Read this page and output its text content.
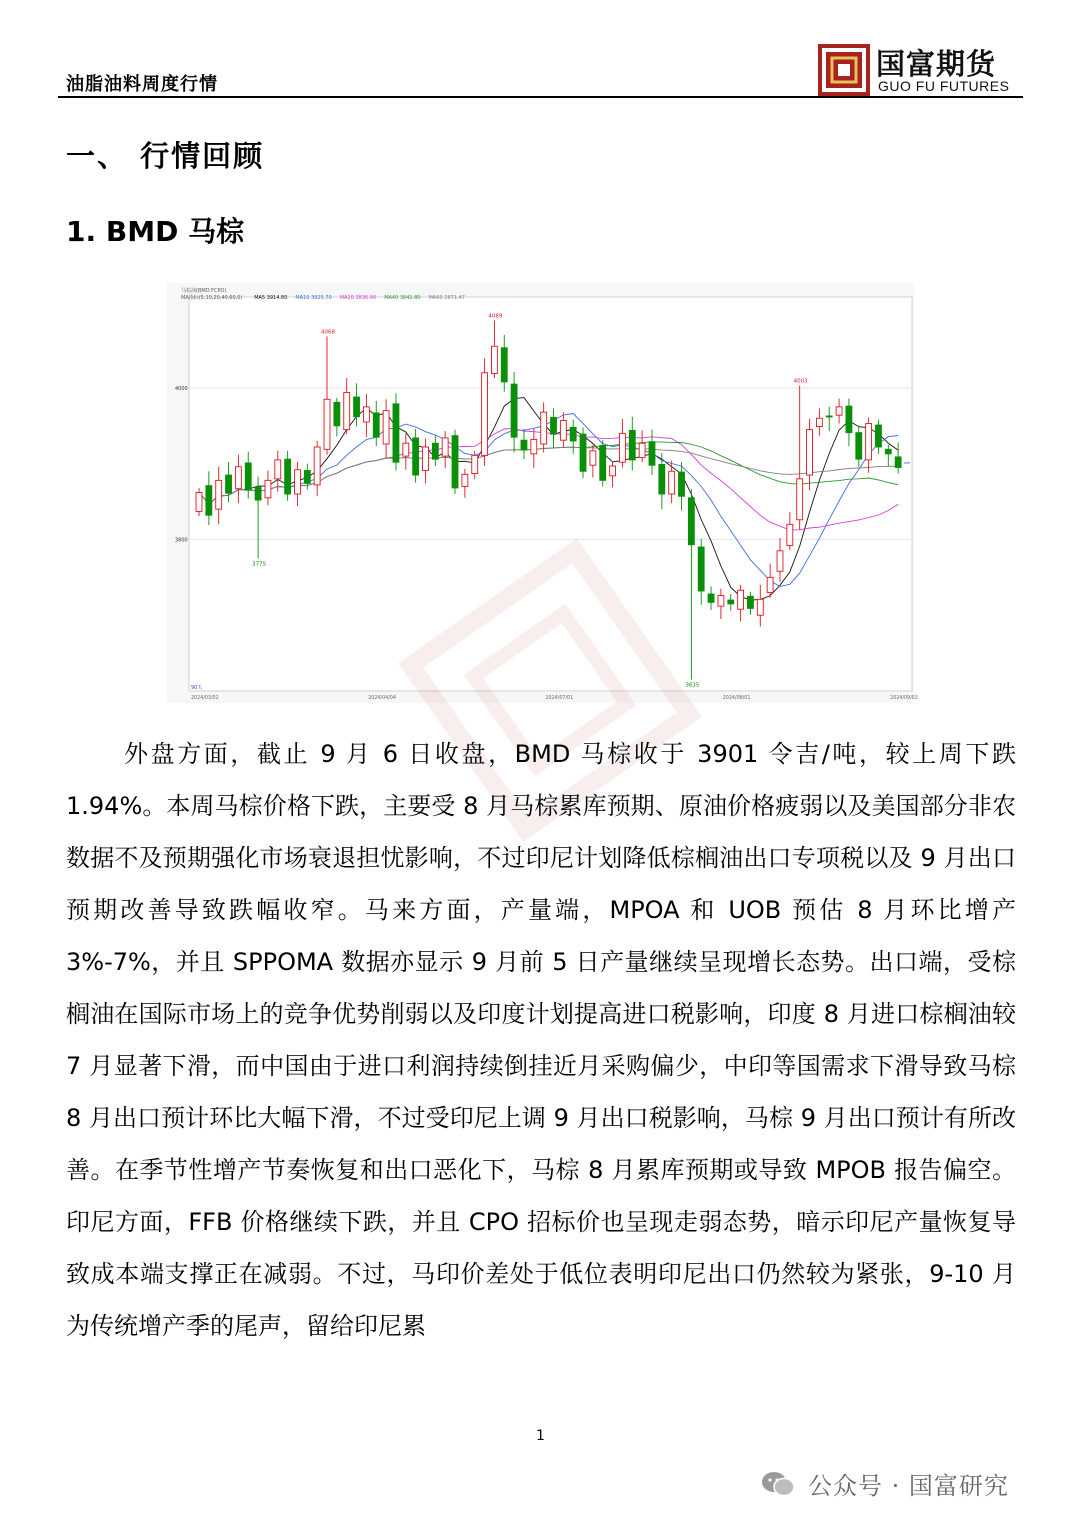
油脂油料周度行情
国富期货
GUO FU FUTURES
一、 行情回顾
1. BMD 马棕
马棕油(BMD FCPO)
MA指标(5,10,20,40,60,0) MA5 3914.80 MA10 3925.70 MA20 3836.90 MA40 3841.80 MA60 3871.47
3800
4000
4068
3775
4089
4003
3615
2024/03/02	2024/04/04	2024/07/01	2024/08/01	2024/09/02
90天

外盘方面，截止 9 月 6 日收盘，BMD 马棕收于 3901 令吉/吨，较上周下跌 1.94%。本周马棕价格下跌，主要受 8 月马棕累库预期、原油价格疲弱以及美国部分非农数据不及预期强化市场衰退担忧影响，不过印尼计划降低棕榈油出口专项税以及 9 月出口预期改善导致跌幅收窄。马来方面，产量端，MPOA 和 UOB 预估 8 月环比增产 3%-7%，并且 SPPOMA 数据亦显示 9 月前 5 日产量继续呈现增长态势。出口端，受棕榈油在国际市场上的竞争优势削弱以及印度计划提高进口税影响，印度 8 月进口棕榈油较 7 月显著下滑，而中国由于进口利润持续倒挂近月采购偏少，中印等国需求下滑导致马棕 8 月出口预计环比大幅下滑，不过受印尼上调 9 月出口税影响，马棕 9 月出口预计有所改善。在季节性增产节奏恢复和出口恶化下，马棕 8 月累库预期或导致 MPOB 报告偏空。印尼方面，FFB 价格继续下跌，并且 CPO 招标价也呈现走弱态势，暗示印尼产量恢复导致成本端支撑正在减弱。不过，马印价差处于低位表明印尼出口仍然较为紧张，9-10 月为传统增产季的尾声，留给印尼累

1
公众号 · 国富研究
